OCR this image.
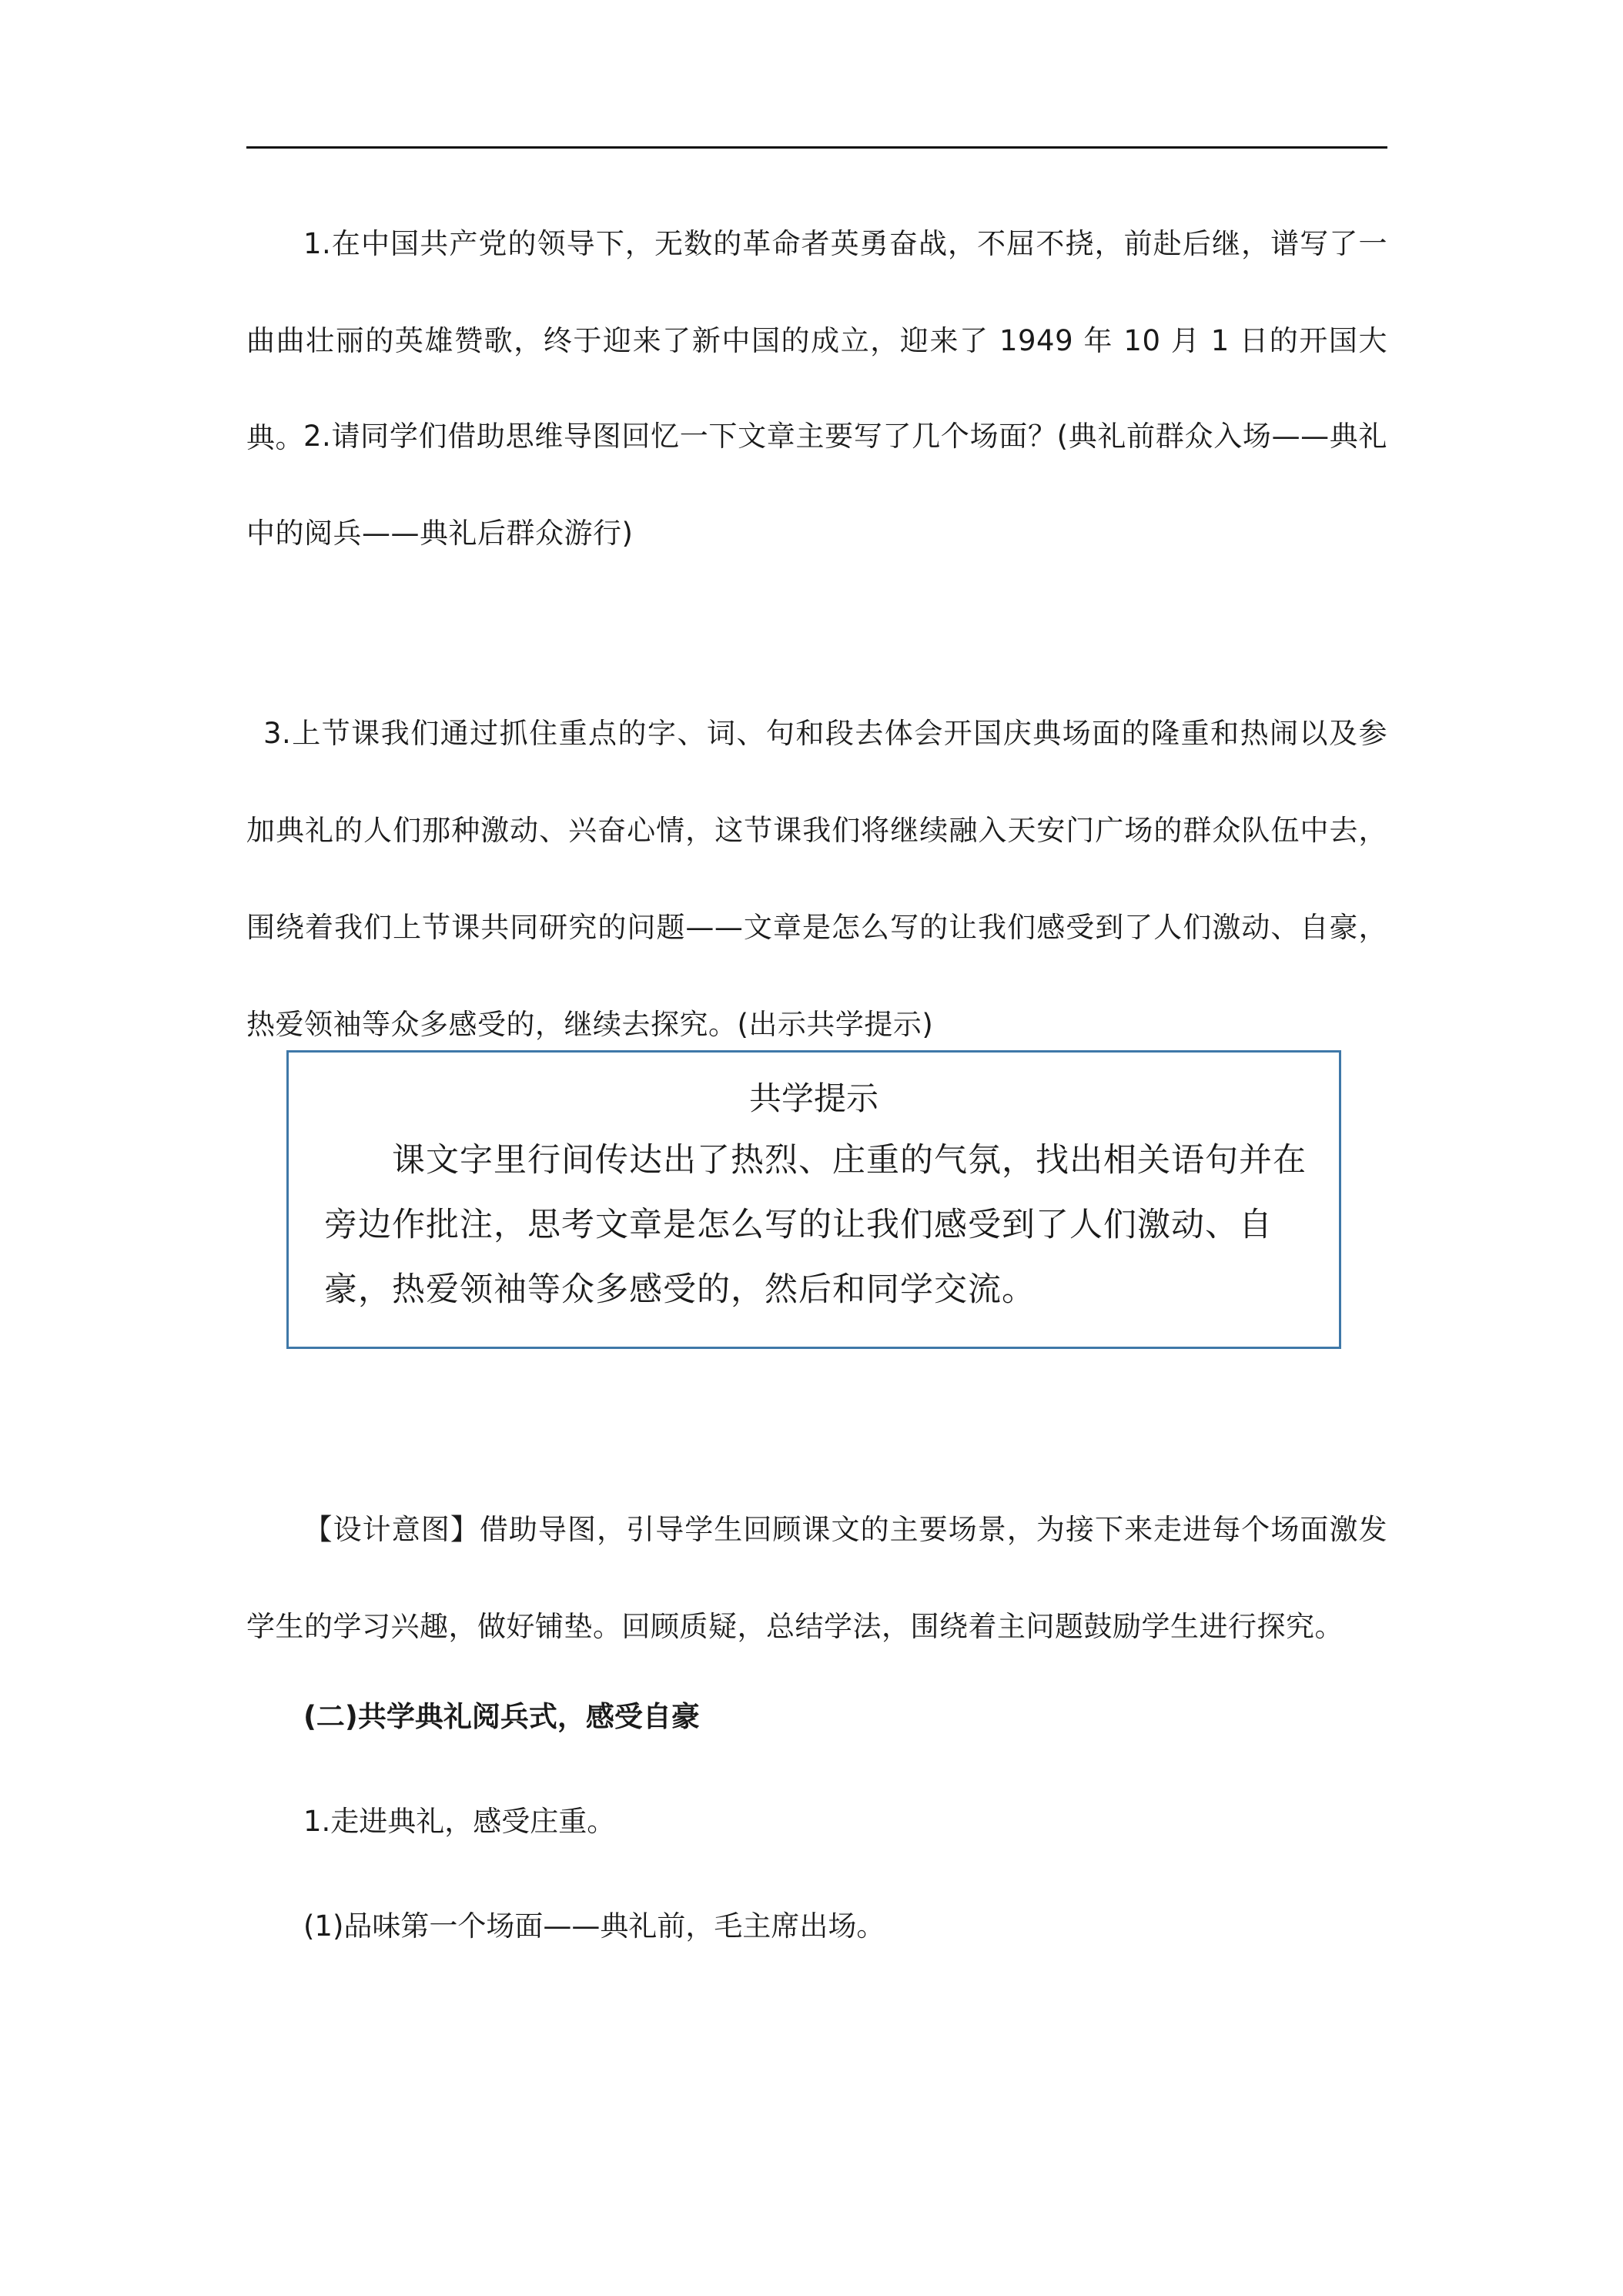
1.在中国共产党的领导下，无数的革命者英勇奋战，不屈不挠，前赴后继，谱写了一曲曲壮丽的英雄赞歌，终于迎来了新中国的成立，迎来了 1949 年 10 月 1 日的开国大典。 2.请同学们借助思维导图回忆一下文章主要写了几个场面？(典礼前群众入场——典礼中的阅兵——典礼后群众游行)

3.上节课我们通过抓住重点的字、词、句和段去体会开国庆典场面的隆重和热闹以及参加典礼的人们那种激动、兴奋心情，这节课我们将继续融入天安门广场的群众队伍中去，围绕着我们上节课共同研究的问题——文章是怎么写的让我们感受到了人们激动、自豪，热爱领袖等众多感受的，继续去探究。(出示共学提示)

共学提示

课文字里行间传达出了热烈、庄重的气氛，找出相关语句并在旁边作批注，思考文章是怎么写的让我们感受到了人们激动、自豪，热爱领袖等众多感受的，然后和同学交流。

【设计意图】借助导图，引导学生回顾课文的主要场景，为接下来走进每个场面激发学生的学习兴趣，做好铺垫。回顾质疑，总结学法，围绕着主问题鼓励学生进行探究。

(二)共学典礼阅兵式，感受自豪

1.走进典礼，感受庄重。

(1)品味第一个场面——典礼前，毛主席出场。
